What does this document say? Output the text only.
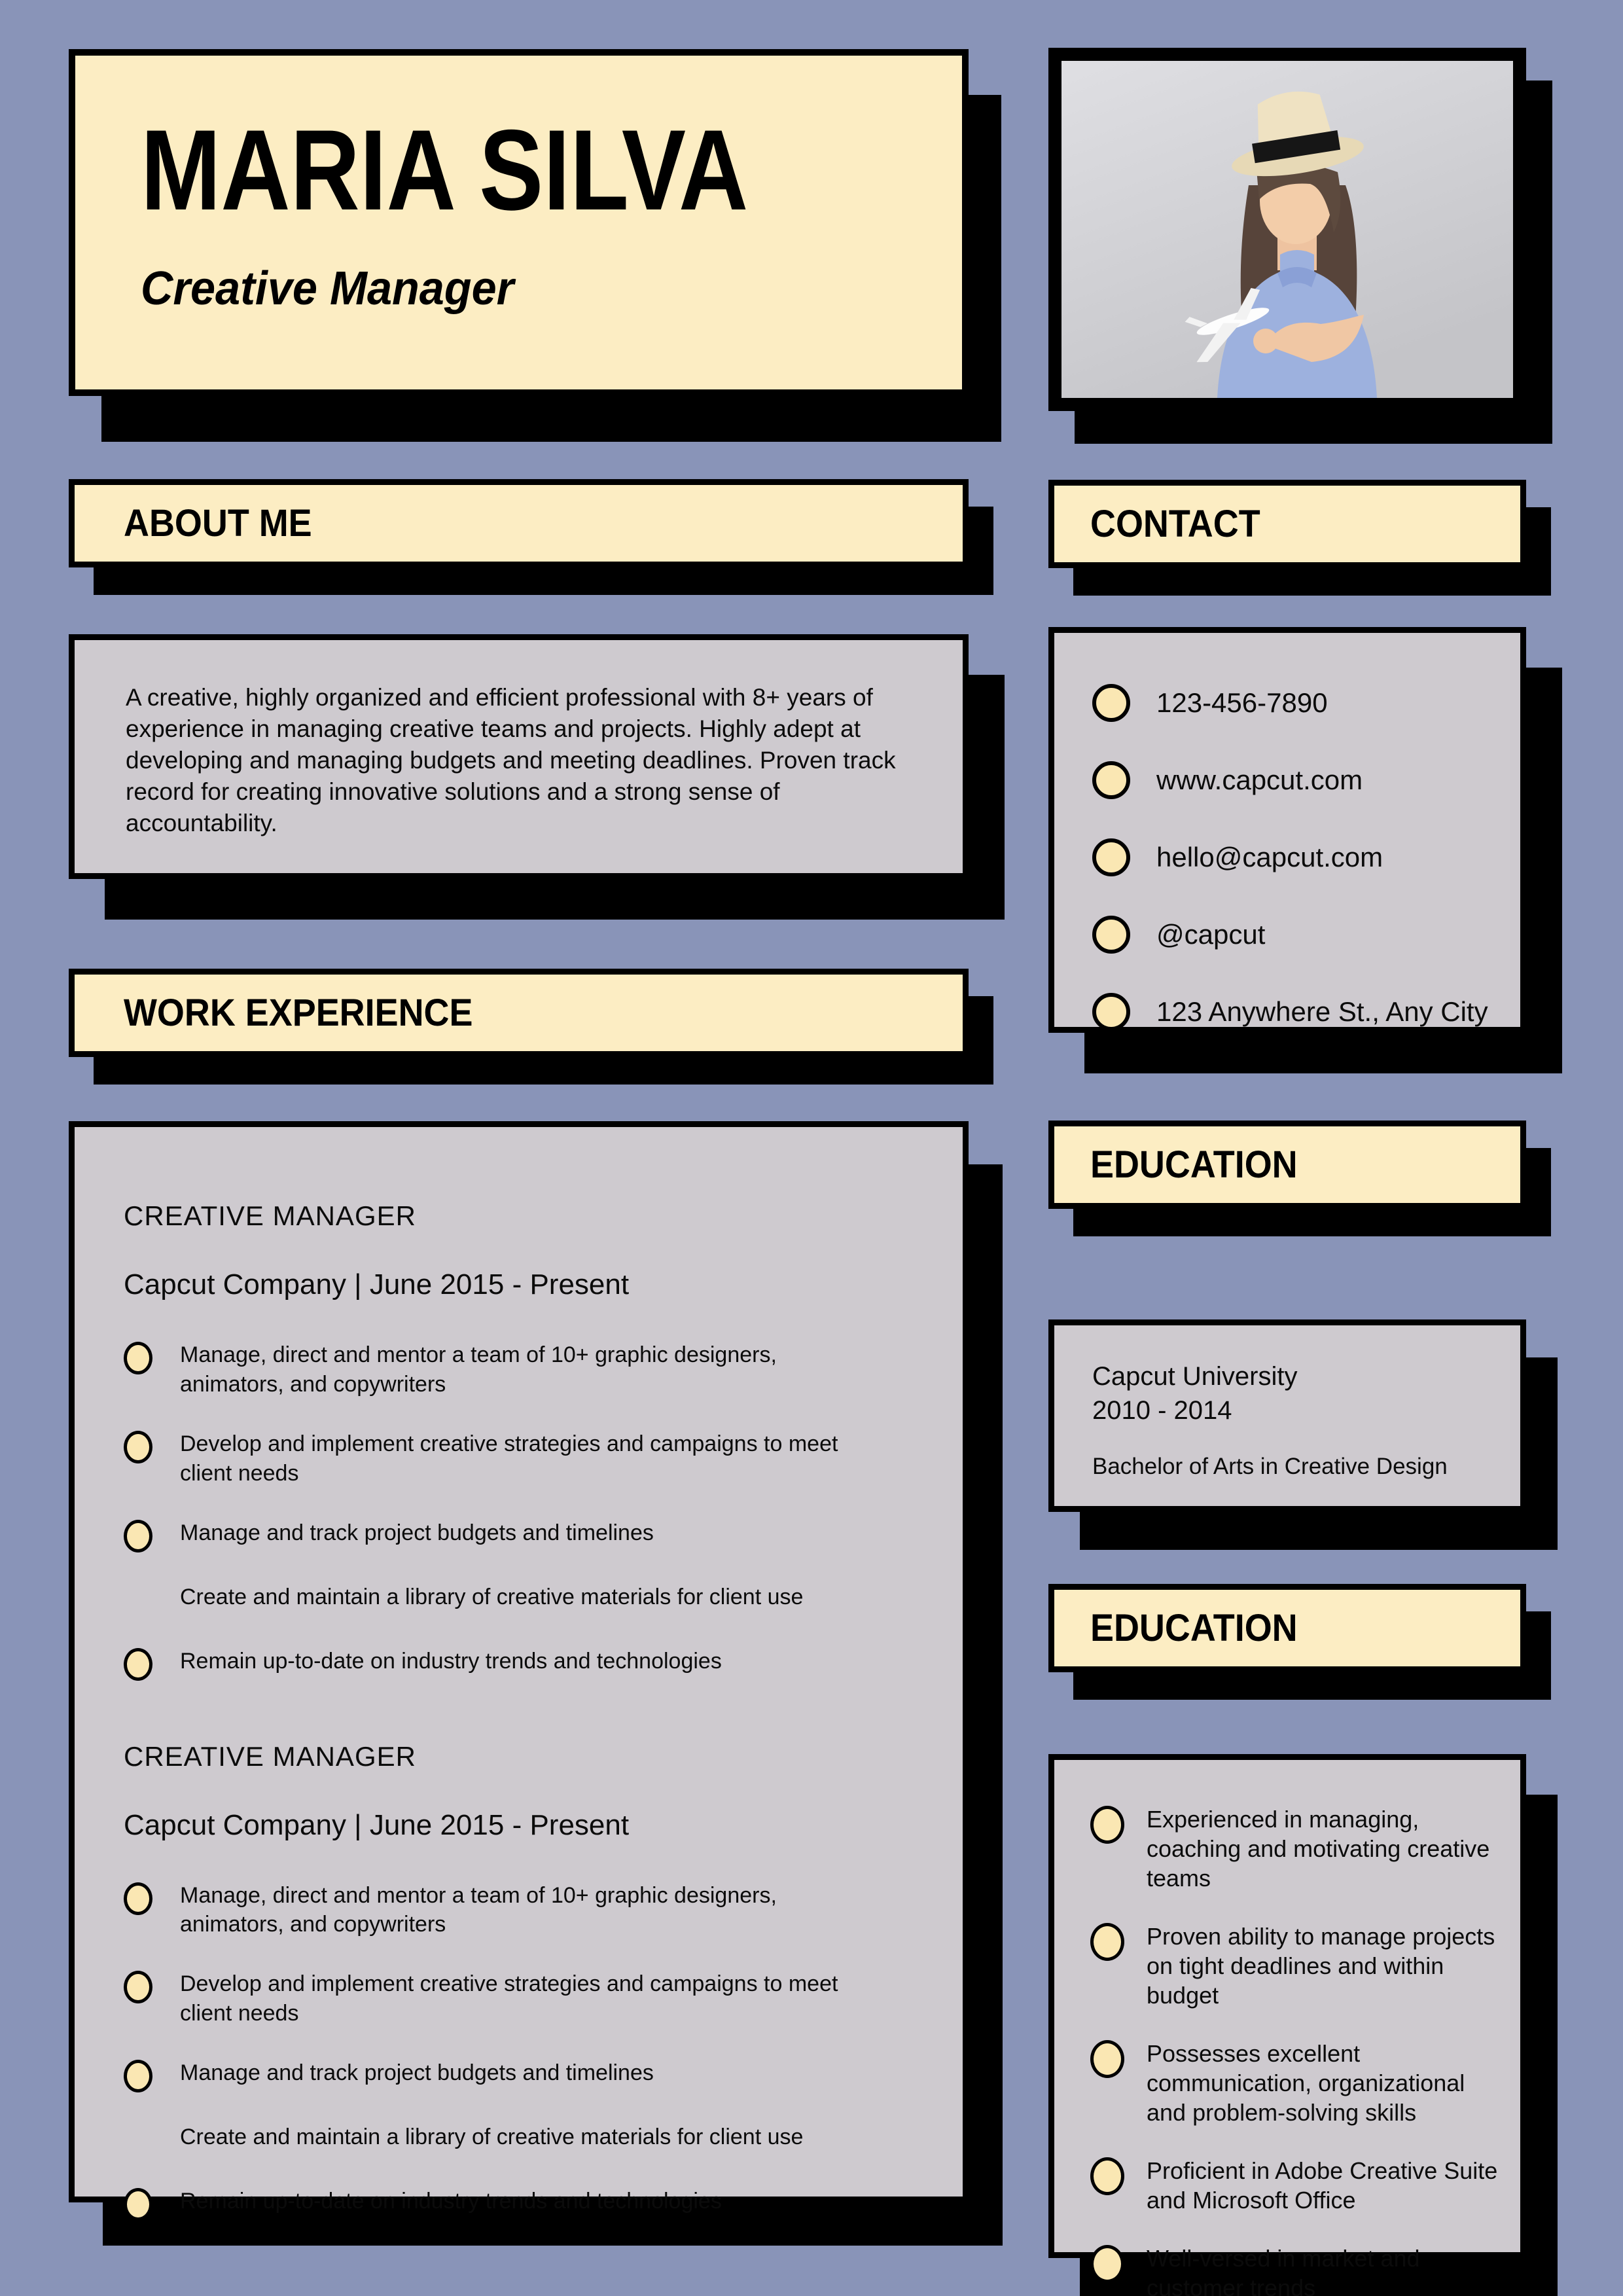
MARIA SILVA

Creative Manager

ABOUT ME

A creative, highly organized and efficient professional with 8+ years of experience in managing creative teams and projects. Highly adept at developing and managing budgets and meeting deadlines. Proven track record for creating innovative solutions and a strong sense of accountability.

WORK EXPERIENCE
CREATIVE MANAGER

Capcut Company | June 2015 - Present

Manage, direct and mentor a team of 10+ graphic designers, animators, and copywriters
Develop and implement creative strategies and campaigns to meet client needs
Manage and track project budgets and timelines
Create and maintain a library of creative materials for client use
Remain up-to-date on industry trends and technologies
CREATIVE MANAGER

Capcut Company | June 2015 - Present

Manage, direct and mentor a team of 10+ graphic designers, animators, and copywriters
Develop and implement creative strategies and campaigns to meet client needs
Manage and track project budgets and timelines
Create and maintain a library of creative materials for client use
Remain up-to-date on industry trends and technologies
CONTACT
123-456-7890
www.capcut.com
hello@capcut.com
@capcut
123 Anywhere St., Any City
EDUCATION

Capcut University

2010 - 2014

Bachelor of Arts in Creative Design

EDUCATION
Experienced in managing, coaching and motivating creative teams
Proven ability to manage projects on tight deadlines and within budget
Possesses excellent communication, organizational and problem-solving skills
Proficient in Adobe Creative Suite and Microsoft Office
Well-versed in market and customer trends
